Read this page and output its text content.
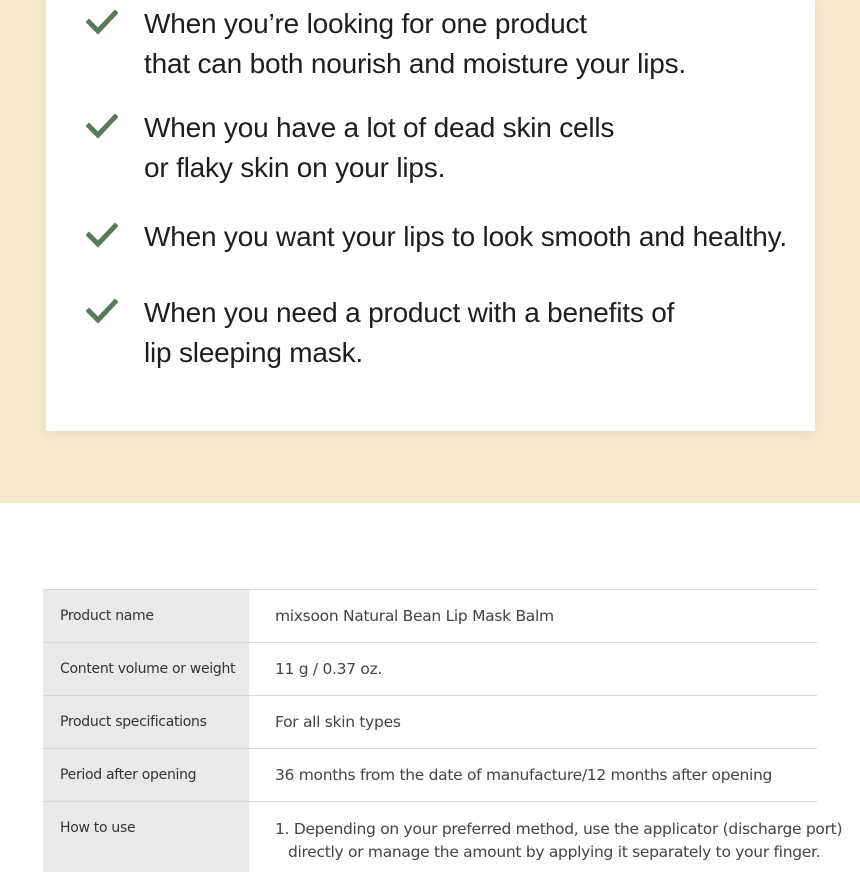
When you’re looking for one product
that can both nourish and moisture your lips.
When you have a lot of dead skin cells
or flaky skin on your lips.
When you want your lips to look smooth and healthy.
When you need a product with a benefits of
lip sleeping mask.
Product name	mixsoon Natural Bean Lip Mask Balm
Content volume or weight	11 g / 0.37 oz.
Product specifications	For all skin types
Period after opening	36 months from the date of manufacture/12 months after opening
How to use	1. Depending on your preferred method, use the applicator (discharge port)
directly or manage the amount by applying it separately to your finger.
